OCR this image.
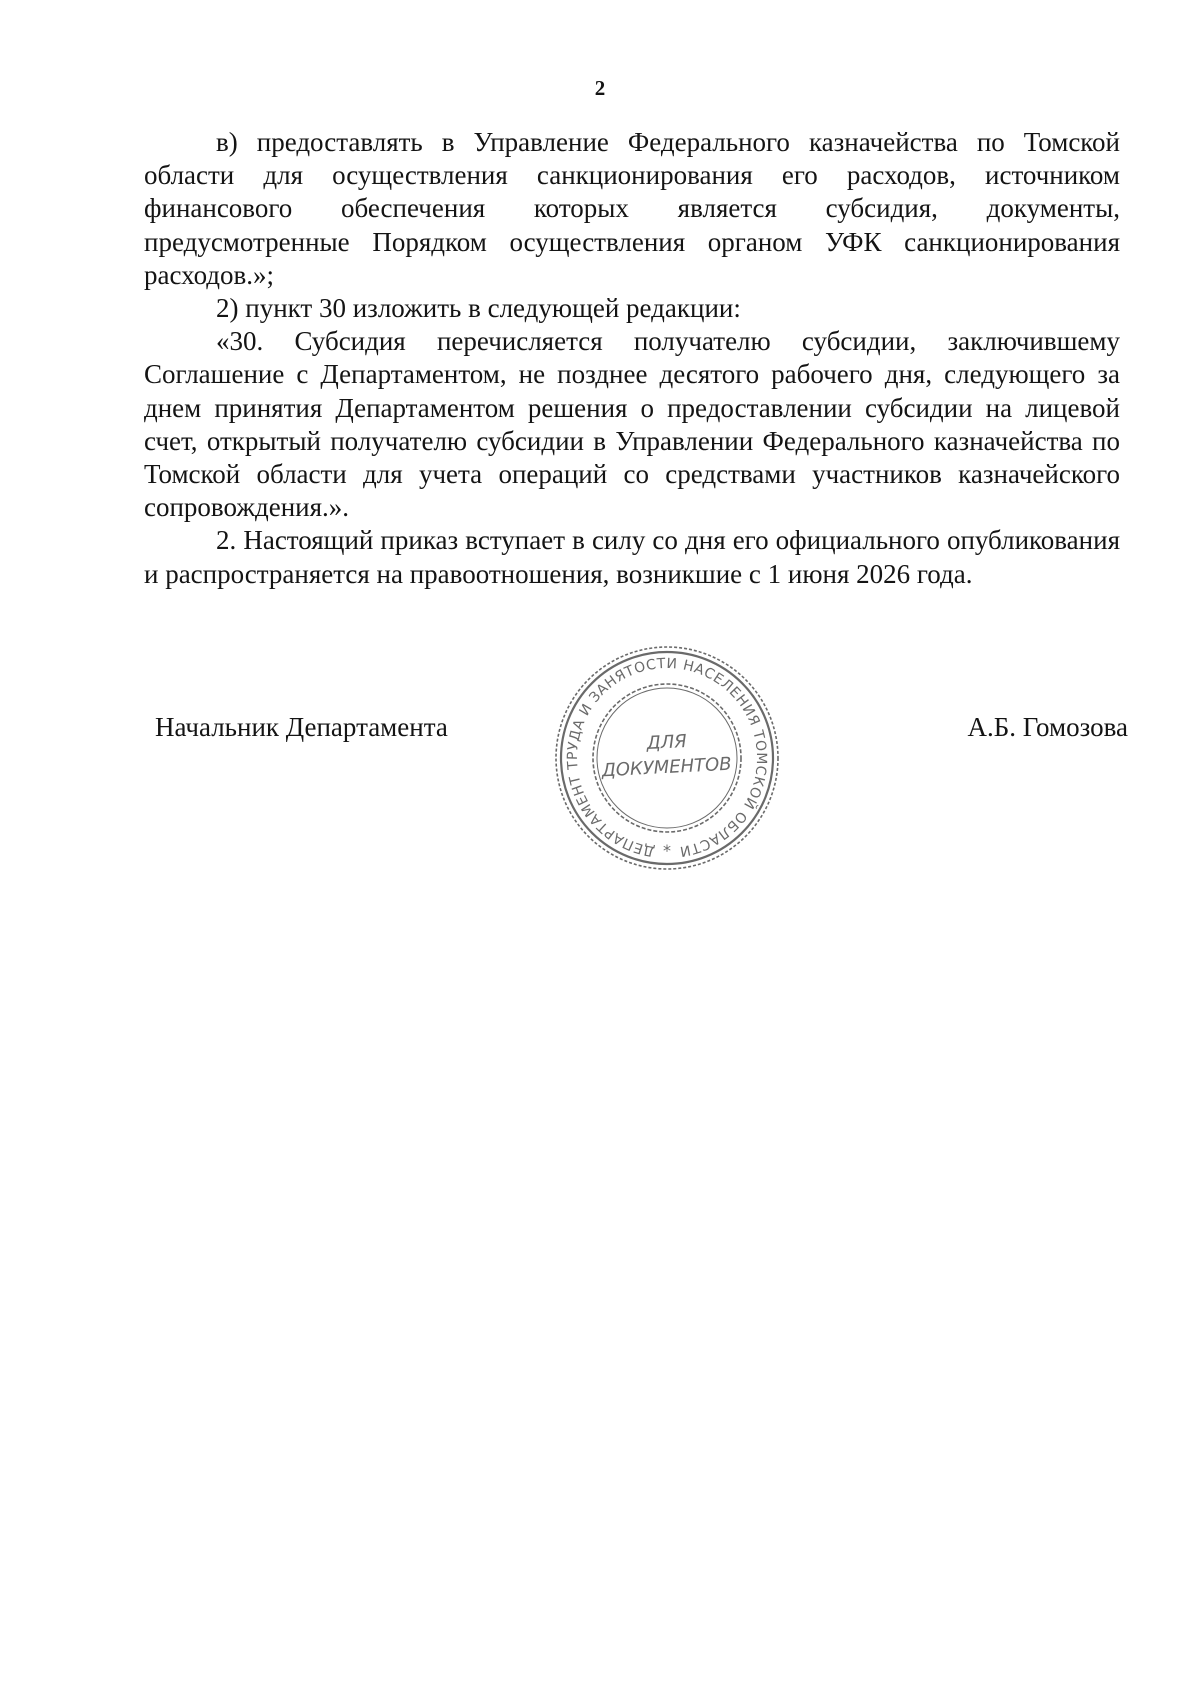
2

в) предоставлять в Управление Федерального казначейства по Томской области для осуществления санкционирования его расходов, источником финансового обеспечения которых является субсидия, документы, предусмотренные Порядком осуществления органом УФК санкционирования расходов.»;

2) пункт 30 изложить в следующей редакции:

«30. Субсидия перечисляется получателю субсидии, заключившему Соглашение с Департаментом, не позднее десятого рабочего дня, следующего за днем принятия Департаментом решения о предоставлении субсидии на лицевой счет, открытый получателю субсидии в Управлении Федерального казначейства по Томской области для учета операций со средствами участников казначейского сопровождения.».

2. Настоящий приказ вступает в силу со дня его официального опубликования и распространяется на правоотношения, возникшие с 1 июня 2026 года.

Начальник Департамента
ДЕПАРТАМЕНТ ТРУДА И ЗАНЯТОСТИ НАСЕЛЕНИЯ ТОМСКОЙ ОБЛАСТИ
ДЛЯ
ДОКУМЕНТОВ
*
А.Б. Гомозова
